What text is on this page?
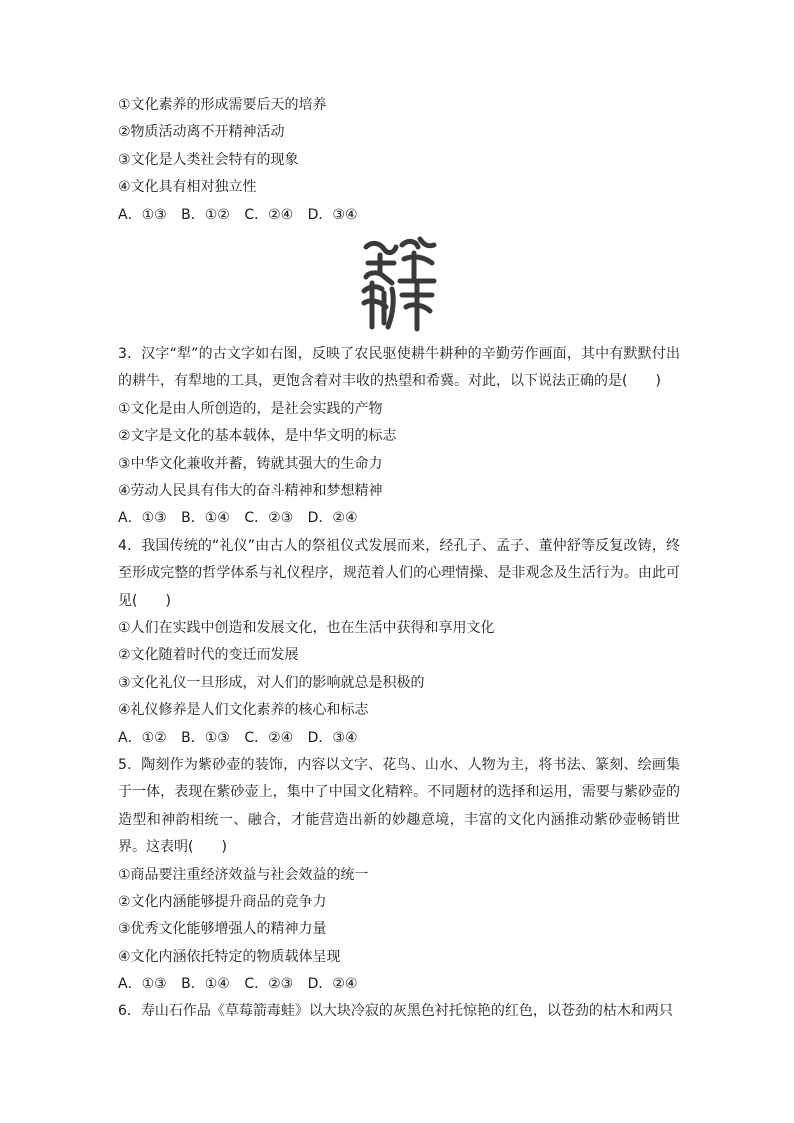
①文化素养的形成需要后天的培养
②物质活动离不开精神活动
③文化是人类社会特有的现象
④文化具有相对独立性
A．①③ B．①② C．②④ D．③④
3．汉字“犁”的古文字如右图，反映了农民驱使耕牛耕种的辛勤劳作画面，其中有默默付出的耕牛，有犁地的工具，更饱含着对丰收的热望和希冀。对此，以下说法正确的是(　　)
①文化是由人所创造的，是社会实践的产物
②文字是文化的基本载体，是中华文明的标志
③中华文化兼收并蓄，铸就其强大的生命力
④劳动人民具有伟大的奋斗精神和梦想精神
A．①③ B．①④ C．②③ D．②④
4．我国传统的“礼仪”由古人的祭祖仪式发展而来，经孔子、孟子、董仲舒等反复改铸，终至形成完整的哲学体系与礼仪程序，规范着人们的心理情操、是非观念及生活行为。由此可见(　　)
①人们在实践中创造和发展文化，也在生活中获得和享用文化
②文化随着时代的变迁而发展
③文化礼仪一旦形成，对人们的影响就总是积极的
④礼仪修养是人们文化素养的核心和标志
A．①② B．①③ C．②④ D．③④
5．陶刻作为紫砂壶的装饰，内容以文字、花鸟、山水、人物为主，将书法、篆刻、绘画集于一体，表现在紫砂壶上，集中了中国文化精粹。不同题材的选择和运用，需要与紫砂壶的造型和神韵相统一、融合，才能营造出新的妙趣意境，丰富的文化内涵推动紫砂壶畅销世界。这表明(　　)
①商品要注重经济效益与社会效益的统一
②文化内涵能够提升商品的竞争力
③优秀文化能够增强人的精神力量
④文化内涵依托特定的物质载体呈现
A．①③ B．①④ C．②③ D．②④
6．寿山石作品《草莓箭毒蛙》以大块冷寂的灰黑色衬托惊艳的红色，以苍劲的枯木和两只
